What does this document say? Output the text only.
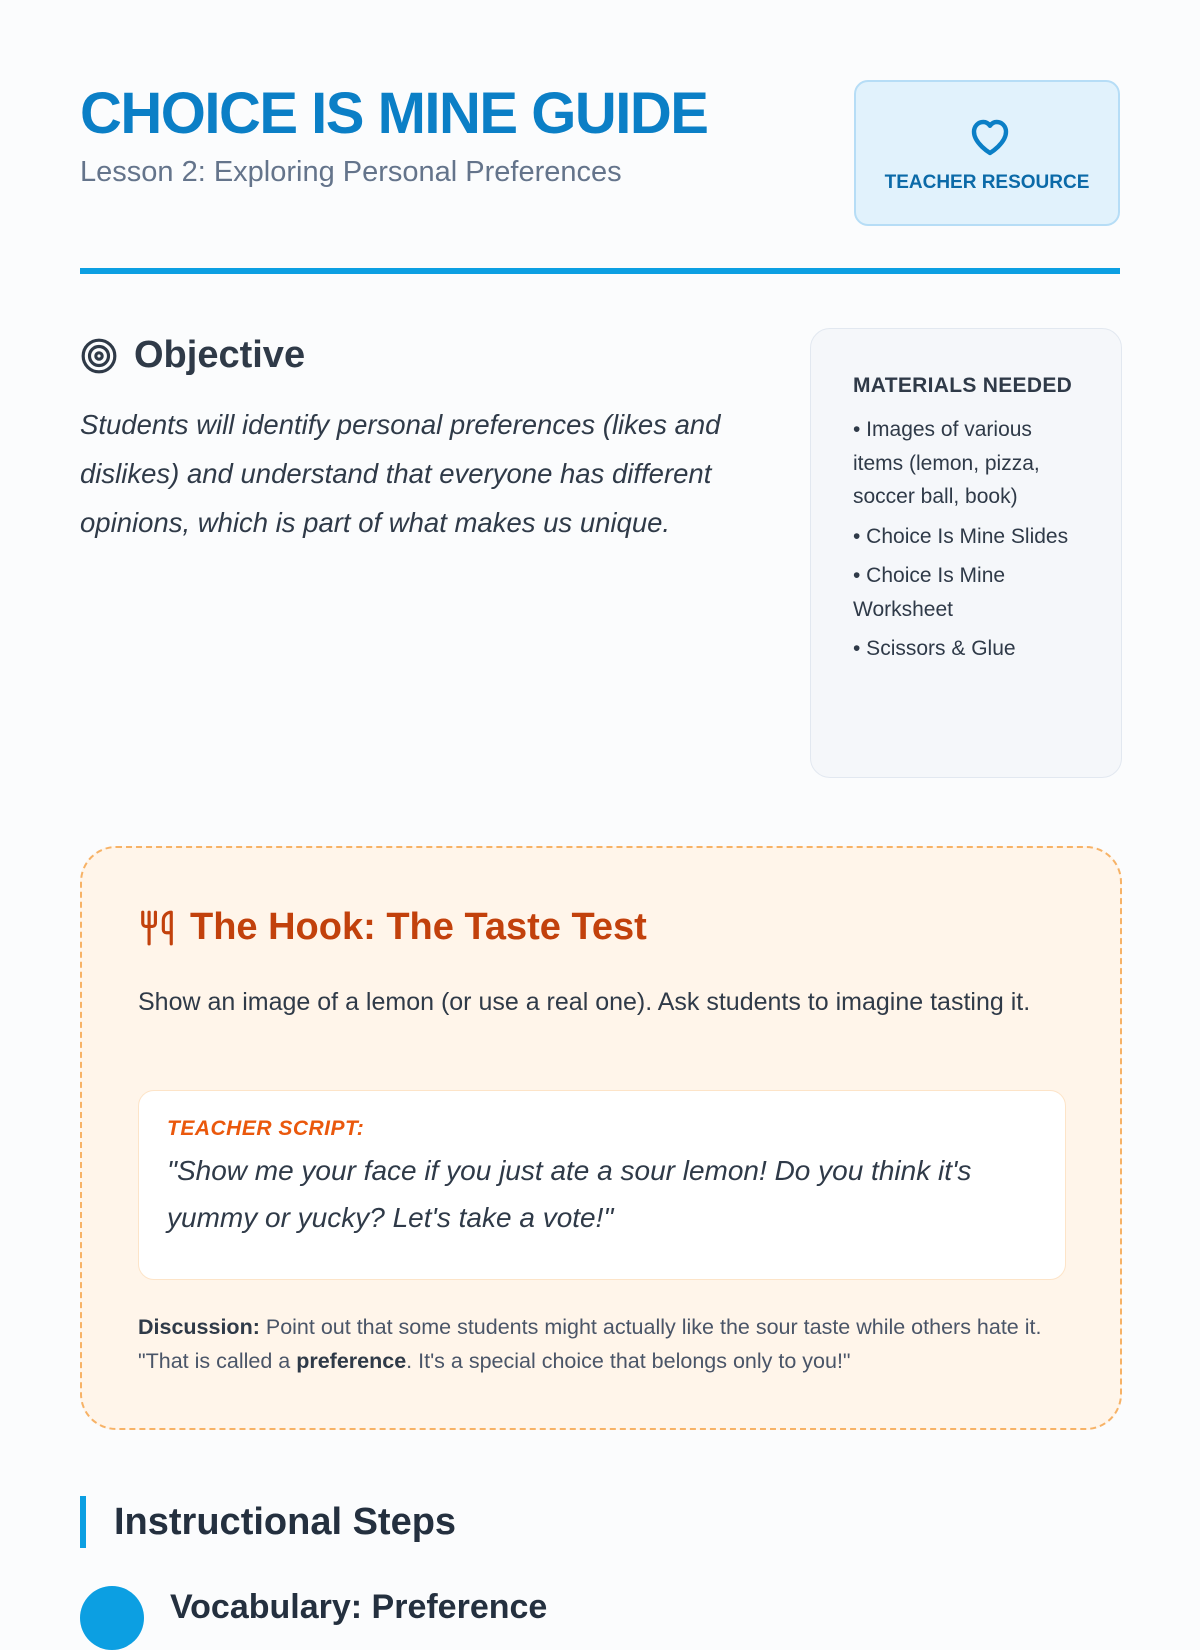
CHOICE IS MINE GUIDE
Lesson 2: Exploring Personal Preferences	TEACHER RESOURCE
Objective

Students will identify personal preferences (likes and dislikes) and understand that everyone has different opinions, which is part of what makes us unique.

MATERIALS NEEDED
• Images of various items (lemon, pizza, soccer ball, book)
• Choice Is Mine Slides
• Choice Is Mine Worksheet
• Scissors & Glue
The Hook: The Taste Test

Show an image of a lemon (or use a real one). Ask students to imagine tasting it.

TEACHER SCRIPT:

"Show me your face if you just ate a sour lemon! Do you think it's yummy or yucky? Let's take a vote!"

Discussion: Point out that some students might actually like the sour taste while others hate it. "That is called a preference. It's a special choice that belongs only to you!"

Instructional Steps
Vocabulary: Preference
